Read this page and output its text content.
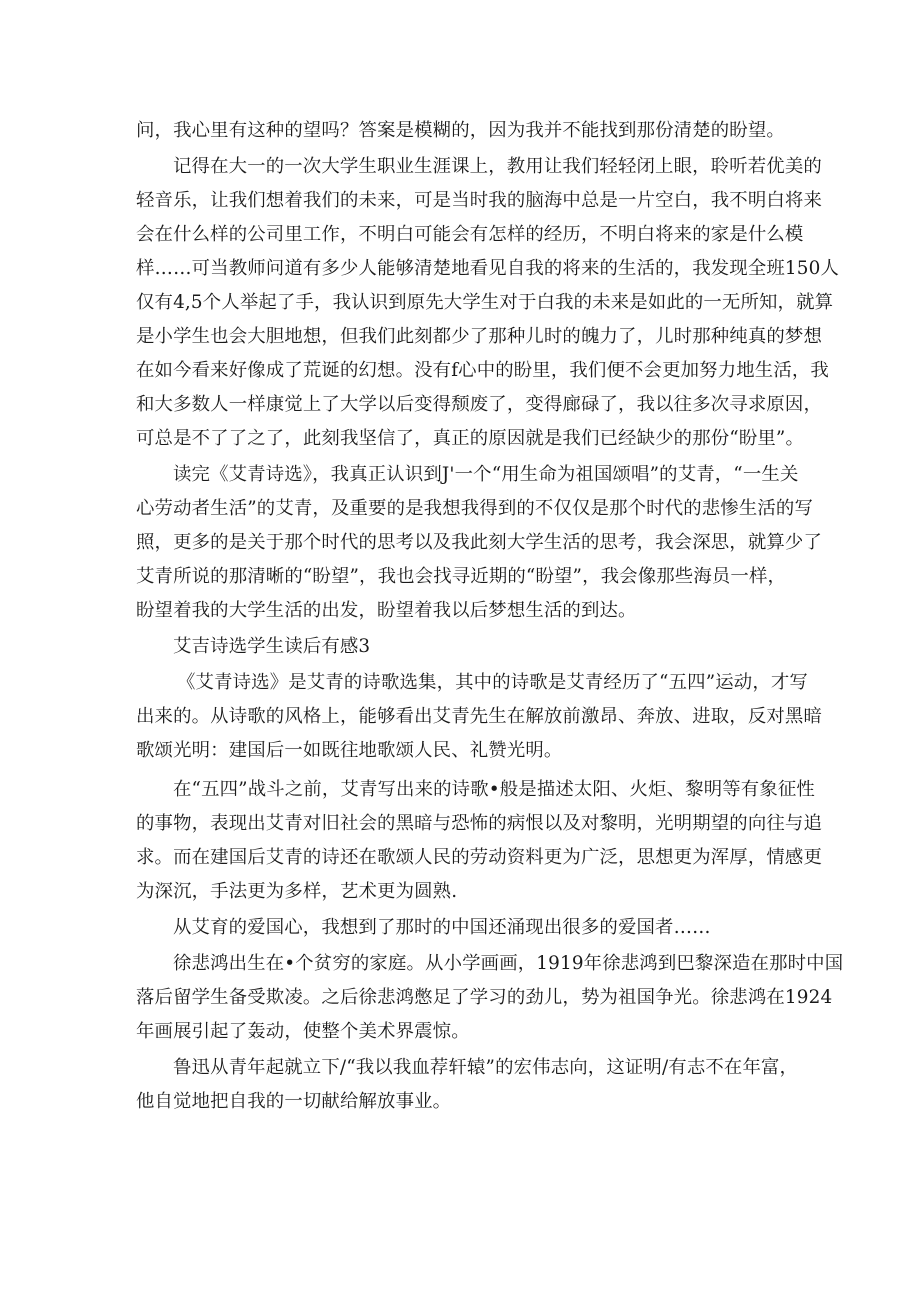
问，我心里有这种的望吗？答案是模糊的，因为我并不能找到那份清楚的盼望。
记得在大一的一次大学生职业生涯课上，教用让我们轻轻闭上眼，聆听若优美的
轻音乐，让我们想着我们的未来，可是当时我的脑海中总是一片空白，我不明白将来
会在什么样的公司里工作，不明白可能会有怎样的经历，不明白将来的家是什么模
样……可当教师问道有多少人能够清楚地看见自我的将来的生活的，我发现全班150人
仅有4,5个人举起了手，我认识到原先大学生对于白我的未来是如此的一无所知，就算
是小学生也会大胆地想，但我们此刻都少了那种儿时的魄力了，儿时那种纯真的梦想
在如今看来好像成了荒诞的幻想。没有f心中的盼里，我们便不会更加努力地生活，我
和大多数人一样康觉上了大学以后变得颓废了，变得廊碌了，我以往多次寻求原因，
可总是不了了之了，此刻我坚信了，真正的原因就是我们已经缺少的那份“盼里”。
读完《艾青诗选》，我真正认识到J'一个“用生命为祖国颂唱”的艾青，“一生关
心劳动者生活”的艾青，及重要的是我想我得到的不仅仅是那个时代的悲惨生活的写
照，更多的是关于那个时代的思考以及我此刻大学生活的思考，我会深思，就算少了
艾青所说的那清晰的“盼望”，我也会找寻近期的“盼望”，我会像那些海员一样，
盼望着我的大学生活的出发，盼望着我以后梦想生活的到达。
艾吉诗选学生读后有感3
《艾青诗选》是艾青的诗歌选集，其中的诗歌是艾青经历了“五四”运动，才写
出来的。从诗歌的风格上，能够看出艾青先生在解放前激昂、奔放、进取，反对黑暗
歌颂光明：建国后一如既往地歌颂人民、礼赞光明。
在“五四”战斗之前，艾青写出来的诗歌•般是描述太阳、火炬、黎明等有象征性
的事物，表现出艾青对旧社会的黑暗与恐怖的病恨以及对黎明，光明期望的向往与追
求。而在建国后艾青的诗还在歌颂人民的劳动资料更为广泛，思想更为浑厚，情感更
为深沉，手法更为多样，艺术更为圆熟.
从艾育的爱国心，我想到了那时的中国还涌现出很多的爱国者……
徐悲鸿出生在•个贫穷的家庭。从小学画画，1919年徐悲鸿到巴黎深造在那时中国
落后留学生备受欺凌。之后徐悲鸿憋足了学习的劲儿，势为祖国争光。徐悲鸿在1924
年画展引起了轰动，使整个美术界震惊。
鲁迅从青年起就立下/“我以我血荐轩辕”的宏伟志向，这证明/有志不在年富，
他自觉地把自我的一切献给解放事业。
